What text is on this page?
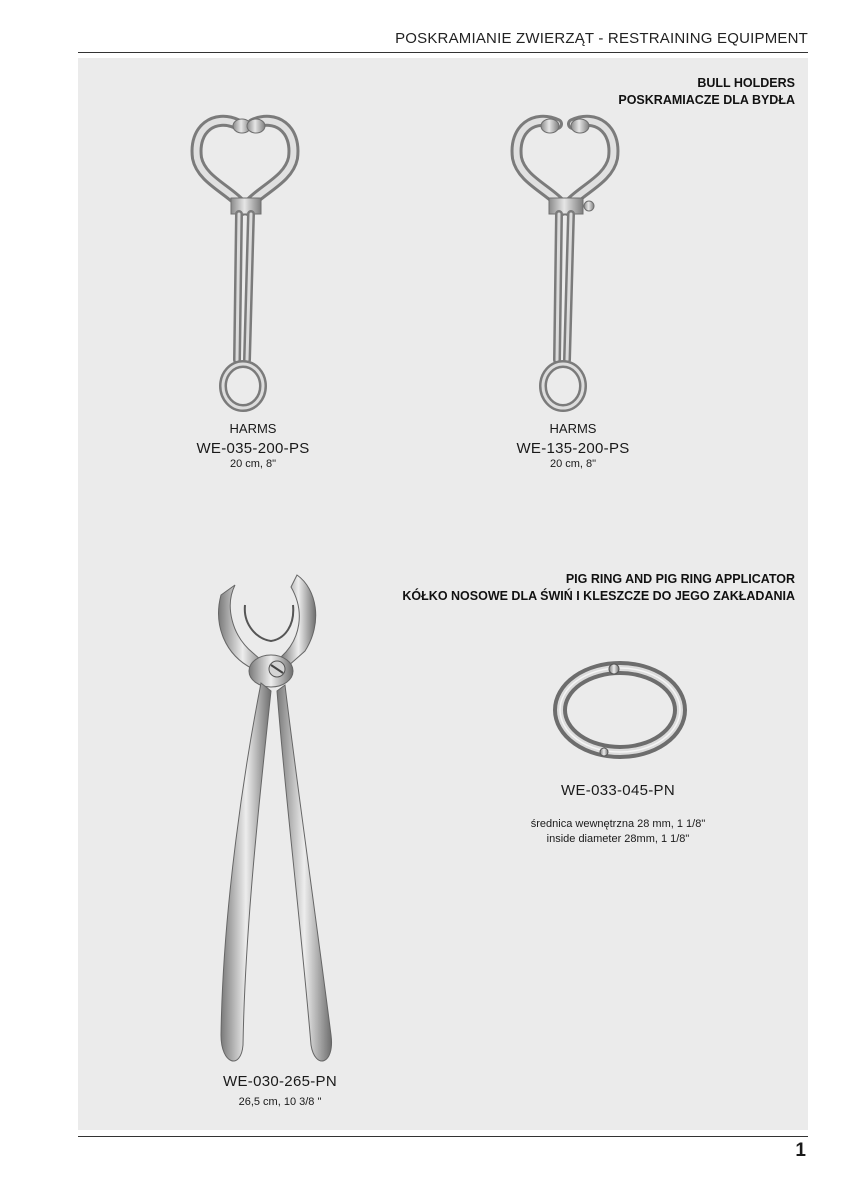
POSKRAMIANIE ZWIERZĄT - RESTRAINING EQUIPMENT
BULL HOLDERS
POSKRAMIACZE DLA BYDŁA
HARMS
WE-035-200-PS
20 cm, 8"
HARMS
WE-135-200-PS
20 cm, 8"
PIG RING AND PIG RING APPLICATOR
KÓŁKO NOSOWE DLA ŚWIŃ I KLESZCZE DO JEGO ZAKŁADANIA
WE-030-265-PN
26,5 cm, 10 3/8 "
WE-033-045-PN
średnica wewnętrzna 28 mm, 1 1/8"
inside diameter 28mm, 1 1/8"
1
